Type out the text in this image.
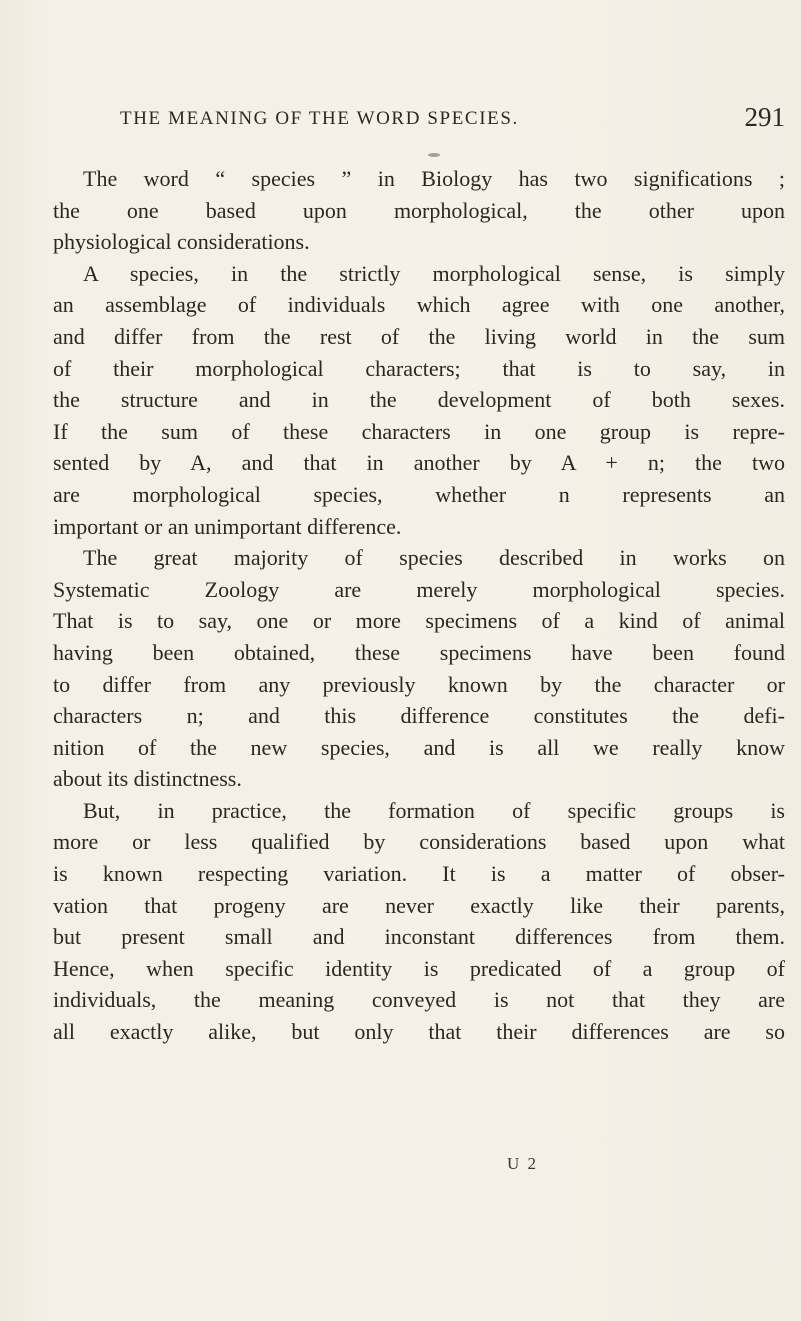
THE MEANING OF THE WORD SPECIES.	291
The word “ species ” in Biology has two significations ;
the one based upon morphological, the other upon
physiological considerations.
A species, in the strictly morphological sense, is simply
an assemblage of individuals which agree with one another,
and differ from the rest of the living world in the sum
of their morphological characters; that is to say, in
the structure and in the development of both sexes.
If the sum of these characters in one group is repre-
sented by A, and that in another by A + n; the two
are morphological species, whether n represents an
important or an unimportant difference.
The great majority of species described in works on
Systematic Zoology are merely morphological species.
That is to say, one or more specimens of a kind of animal
having been obtained, these specimens have been found
to differ from any previously known by the character or
characters n; and this difference constitutes the defi-
nition of the new species, and is all we really know
about its distinctness.
But, in practice, the formation of specific groups is
more or less qualified by considerations based upon what
is known respecting variation. It is a matter of obser-
vation that progeny are never exactly like their parents,
but present small and inconstant differences from them.
Hence, when specific identity is predicated of a group of
individuals, the meaning conveyed is not that they are
all exactly alike, but only that their differences are so
U 2
